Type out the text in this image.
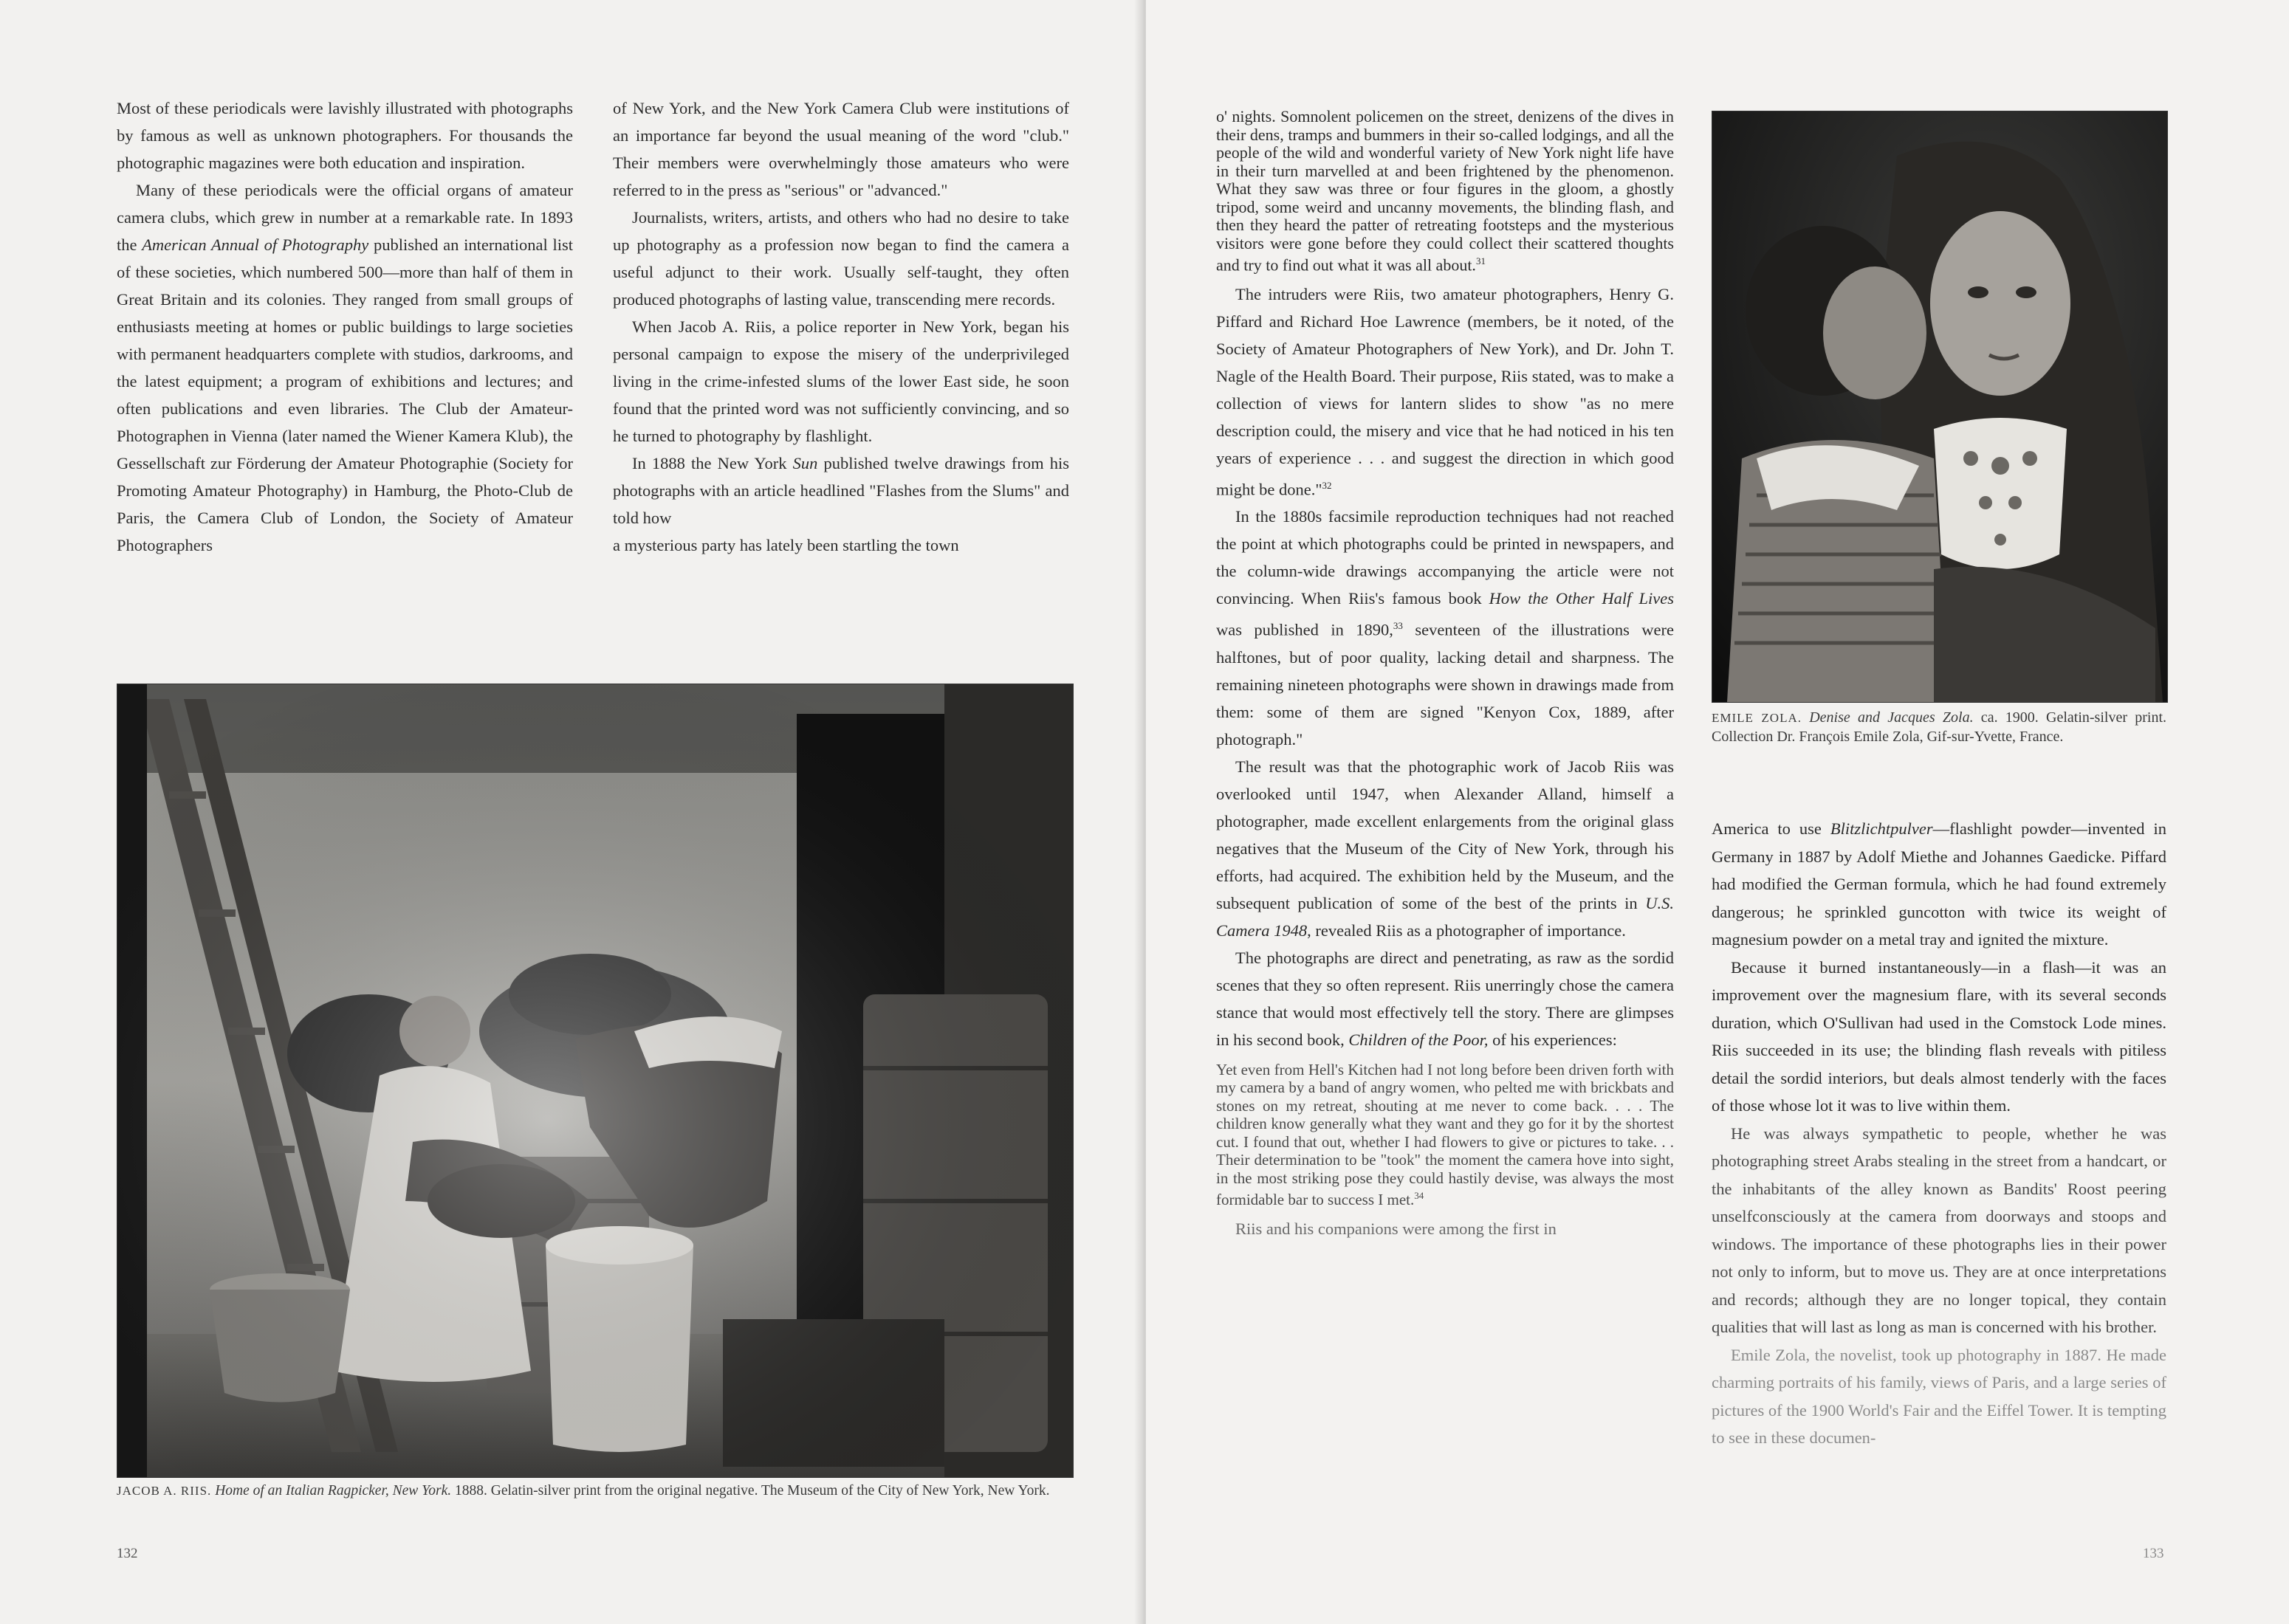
Most of these periodicals were lavishly illustrated with photographs by famous as well as unknown photographers. For thousands the photographic magazines were both education and inspiration.

Many of these periodicals were the official organs of amateur camera clubs, which grew in number at a remarkable rate. In 1893 the American Annual of Photography published an international list of these societies, which numbered 500—more than half of them in Great Britain and its colonies. They ranged from small groups of enthusiasts meeting at homes or public buildings to large societies with permanent headquarters complete with studios, darkrooms, and the latest equipment; a program of exhibitions and lectures; and often publications and even libraries. The Club der Amateur-Photographen in Vienna (later named the Wiener Kamera Klub), the Gessellschaft zur Förderung der Amateur Photographie (Society for Promoting Amateur Photography) in Hamburg, the Photo-Club de Paris, the Camera Club of London, the Society of Amateur Photographers

of New York, and the New York Camera Club were institutions of an importance far beyond the usual meaning of the word "club." Their members were overwhelmingly those amateurs who were referred to in the press as "serious" or "advanced."

Journalists, writers, artists, and others who had no desire to take up photography as a profession now began to find the camera a useful adjunct to their work. Usually self-taught, they often produced photographs of lasting value, transcending mere records.

When Jacob A. Riis, a police reporter in New York, began his personal campaign to expose the misery of the underprivileged living in the crime-infested slums of the lower East side, he soon found that the printed word was not sufficiently convincing, and so he turned to photography by flashlight.

In 1888 the New York Sun published twelve drawings from his photographs with an article headlined "Flashes from the Slums" and told how

a mysterious party has lately been startling the town

JACOB A. RIIS. Home of an Italian Ragpicker, New York. 1888. Gelatin-silver print from the original negative. The Museum of the City of New York, New York.
132

o' nights. Somnolent policemen on the street, denizens of the dives in their dens, tramps and bummers in their so-called lodgings, and all the people of the wild and wonderful variety of New York night life have in their turn marvelled at and been frightened by the phenomenon. What they saw was three or four figures in the gloom, a ghostly tripod, some weird and uncanny movements, the blinding flash, and then they heard the patter of retreating footsteps and the mysterious visitors were gone before they could collect their scattered thoughts and try to find out what it was all about.$^{31}$

The intruders were Riis, two amateur photographers, Henry G. Piffard and Richard Hoe Lawrence (members, be it noted, of the Society of Amateur Photographers of New York), and Dr. John T. Nagle of the Health Board. Their purpose, Riis stated, was to make a collection of views for lantern slides to show "as no mere description could, the misery and vice that he had noticed in his ten years of experience . . . and suggest the direction in which good might be done."$^{32}$

In the 1880s facsimile reproduction techniques had not reached the point at which photographs could be printed in newspapers, and the column-wide drawings accompanying the article were not convincing. When Riis's famous book How the Other Half Lives was published in 1890,33 seventeen of the illustrations were halftones, but of poor quality, lacking detail and sharpness. The remaining nineteen photographs were shown in drawings made from them: some of them are signed "Kenyon Cox, 1889, after photograph."

The result was that the photographic work of Jacob Riis was overlooked until 1947, when Alexander Alland, himself a photographer, made excellent enlargements from the original glass negatives that the Museum of the City of New York, through his efforts, had acquired. The exhibition held by the Museum, and the subsequent publication of some of the best of the prints in U.S. Camera 1948, revealed Riis as a photographer of importance.

The photographs are direct and penetrating, as raw as the sordid scenes that they so often represent. Riis unerringly chose the camera stance that would most effectively tell the story. There are glimpses in his second book, Children of the Poor, of his experiences:

Yet even from Hell's Kitchen had I not long before been driven forth with my camera by a band of angry women, who pelted me with brickbats and stones on my retreat, shouting at me never to come back. . . . The children know generally what they want and they go for it by the shortest cut. I found that out, whether I had flowers to give or pictures to take. . . Their determination to be "took" the moment the camera hove into sight, in the most striking pose they could hastily devise, was always the most formidable bar to success I met.$^{34}$

Riis and his companions were among the first in

EMILE ZOLA. Denise and Jacques Zola. ca. 1900. Gelatin-silver print. Collection Dr. François Emile Zola, Gif-sur-Yvette, France.

America to use Blitzlichtpulver—flashlight powder—invented in Germany in 1887 by Adolf Miethe and Johannes Gaedicke. Piffard had modified the German formula, which he had found extremely dangerous; he sprinkled guncotton with twice its weight of magnesium powder on a metal tray and ignited the mixture.

Because it burned instantaneously—in a flash—it was an improvement over the magnesium flare, with its several seconds duration, which O'Sullivan had used in the Comstock Lode mines. Riis succeeded in its use; the blinding flash reveals with pitiless detail the sordid interiors, but deals almost tenderly with the faces of those whose lot it was to live within them.

He was always sympathetic to people, whether he was photographing street Arabs stealing in the street from a handcart, or the inhabitants of the alley known as Bandits' Roost peering unselfconsciously at the camera from doorways and stoops and windows. The importance of these photographs lies in their power not only to inform, but to move us. They are at once interpretations and records; although they are no longer topical, they contain qualities that will last as long as man is concerned with his brother.

Emile Zola, the novelist, took up photography in 1887. He made charming portraits of his family, views of Paris, and a large series of pictures of the 1900 World's Fair and the Eiffel Tower. It is tempting to see in these documen-

133
